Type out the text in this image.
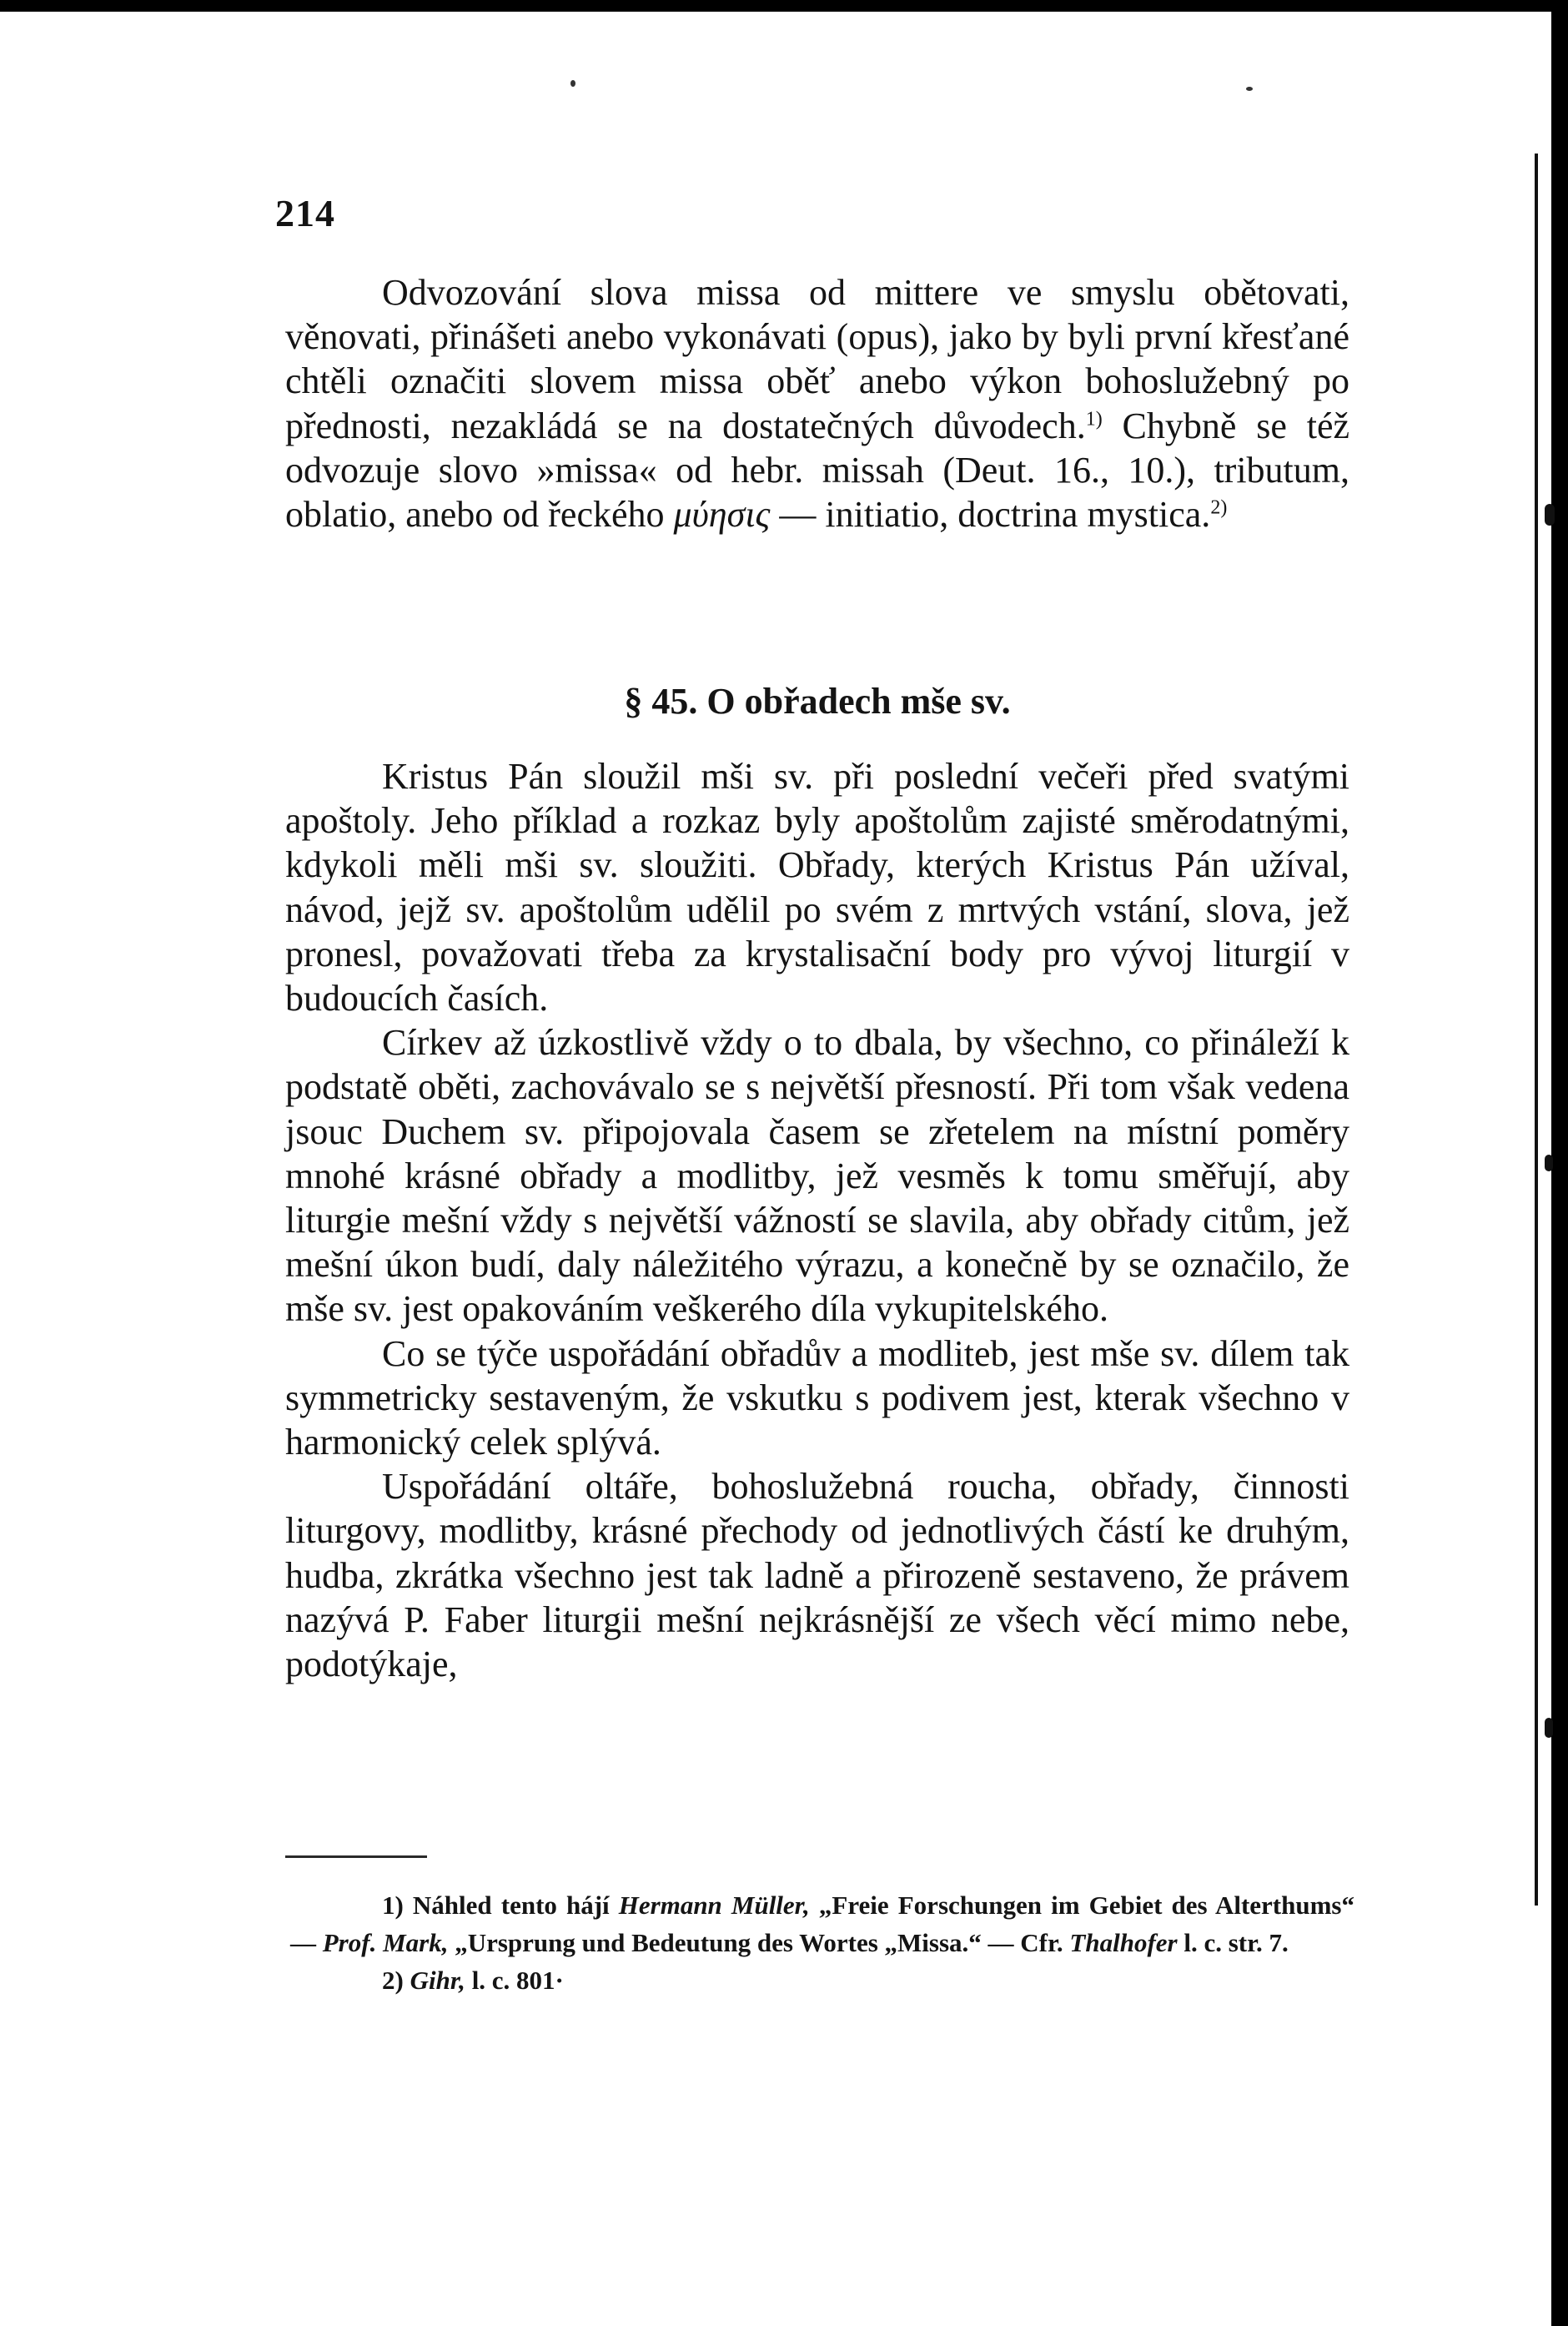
214

Odvozování slova missa od mittere ve smyslu obětovati, věnovati, přinášeti anebo vykonávati (opus), jako by byli první křesťané chtěli označiti slovem missa oběť anebo výkon bohoslužebný po přednosti, nezakládá se na dostatečných důvodech.$^{1)}$ Chybně se též odvozuje slovo »missa« od hebr. missah (Deut. 16., 10.), tributum, oblatio, anebo od řeckého μύησις — initiatio, doctrina mystica.$^{2)}$

§ 45. O obřadech mše sv.

Kristus Pán sloužil mši sv. při poslední večeři před svatými apoštoly. Jeho příklad a rozkaz byly apoštolům zajisté směrodatnými, kdykoli měli mši sv. sloužiti. Obřady, kterých Kristus Pán užíval, návod, jejž sv. apoštolům udělil po svém z mrtvých vstání, slova, jež pronesl, považovati třeba za krystalisační body pro vývoj liturgií v budoucích časích.

Církev až úzkostlivě vždy o to dbala, by všechno, co přináleží k podstatě oběti, zachovávalo se s největší přesností. Při tom však vedena jsouc Duchem sv. připojovala časem se zřetelem na místní poměry mnohé krásné obřady a modlitby, jež vesměs k tomu směřují, aby liturgie mešní vždy s největší vážností se slavila, aby obřady citům, jež mešní úkon budí, daly náležitého výrazu, a konečně by se označilo, že mše sv. jest opakováním veškerého díla vykupitelského.

Co se týče uspořádání obřadův a modliteb, jest mše sv. dílem tak symmetricky sestaveným, že vskutku s podivem jest, kterak všechno v harmonický celek splývá.

Uspořádání oltáře, bohoslužebná roucha, obřady, činnosti liturgovy, modlitby, krásné přechody od jednotlivých částí ke druhým, hudba, zkrátka všechno jest tak ladně a přirozeně sestaveno, že právem nazývá P. Faber liturgii mešní nejkrásnější ze všech věcí mimo nebe, podotýkaje,

1) Náhled tento hájí Hermann Müller, „Freie Forschungen im Gebiet des Alterthums“ — Prof. Mark, „Ursprung und Bedeutung des Wortes „Missa.“ — Cfr. Thalhofer l. c. str. 7.

2) Gihr, l. c. 801·
